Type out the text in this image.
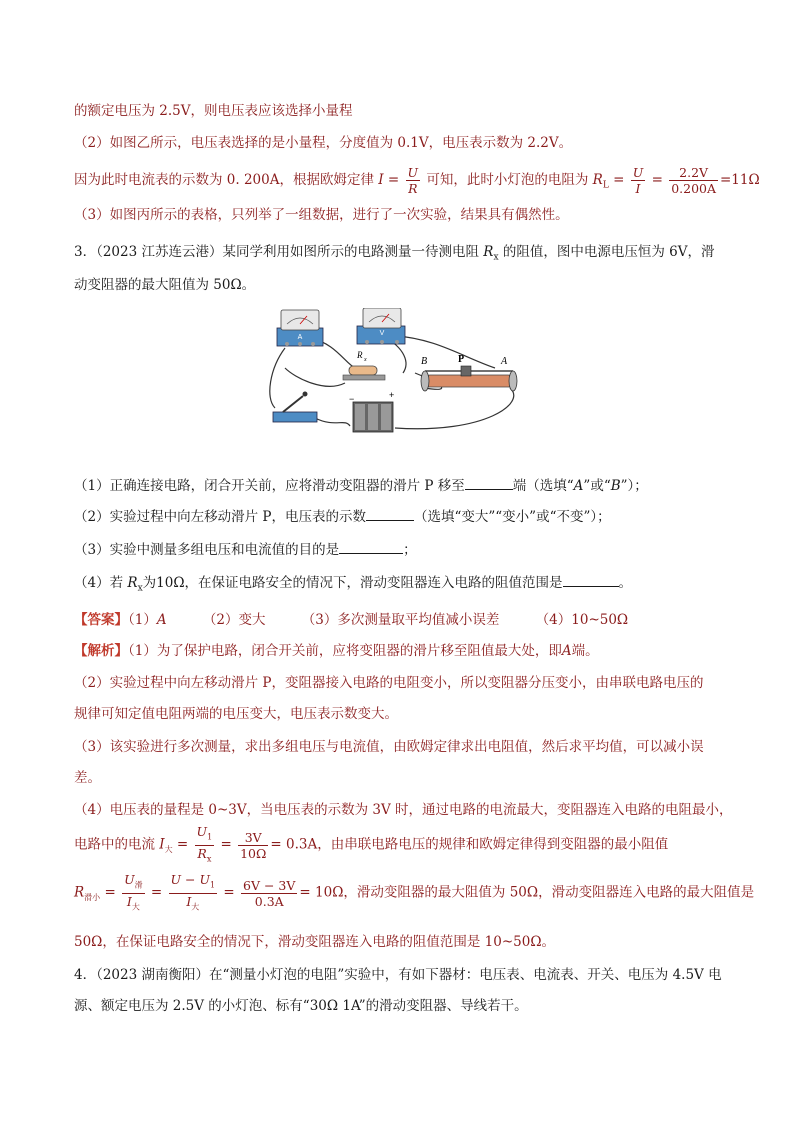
的额定电压为 2.5V，则电压表应该选择小量程
（2）如图乙所示，电压表选择的是小量程，分度值为 0.1V，电压表示数为 2.2V。
因为此时电流表的示数为 0. 200A，根据欧姆定律 $I = \frac{U}{R}$ 可知，此时小灯泡的电阻为 $R_L = \frac{U}{I} = \frac{2.2V}{0.200A} =11\Omega$
（3）如图丙所示的表格，只列举了一组数据，进行了一次实验，结果具有偶然性。
3．（2023 江苏连云港）某同学利用如图所示的电路测量一待测电阻 $R_x$ 的阻值，图中电源电压恒为 6V，滑
动变阻器的最大阻值为 50Ω。
A
V
R x	B	P	A
−	+
（1）正确连接电路，闭合开关前，应将滑动变阻器的滑片 P 移至	端（选填“A”或“B”）；
（2）实验过程中向左移动滑片 P，电压表的示数	（选填“变大”“变小”或“不变”）；
（3）实验中测量多组电压和电流值的目的是	；
（4）若 $R_x$为10Ω，在保证电路安全的情况下，滑动变阻器连入电路的阻值范围是	。
【答案】（1）A	（2）变大	（3）多次测量取平均值减小误差	（4）10~50Ω
【解析】（1）为了保护电路，闭合开关前，应将变阻器的滑片移至阻值最大处，即A端。
（2）实验过程中向左移动滑片 P，变阻器接入电路的电阻变小，所以变阻器分压变小，由串联电路电压的
规律可知定值电阻两端的电压变大，电压表示数变大。
（3）该实验进行多次测量，求出多组电压与电流值，由欧姆定律求出电阻值，然后求平均值，可以减小误
差。
（4）电压表的量程是 0~3V，当电压表的示数为 3V 时，通过电路的电流最大，变阻器连入电路的电阻最小，
电路中的电流 $I_大 = \frac{U_1}{R_x} = \frac{3V}{10\Omega} = 0.3A$，由串联电路电压的规律和欧姆定律得到变阻器的最小阻值
$R_{滑小} = \frac{U_滑}{I_大} = \frac{U - U_1}{I_大} = \frac{6V - 3V}{0.3A} = 10\Omega$，滑动变阻器的最大阻值为 50Ω，滑动变阻器连入电路的最大阻值是
50Ω，在保证电路安全的情况下，滑动变阻器连入电路的阻值范围是 10~50Ω。
4．（2023 湖南衡阳）在“测量小灯泡的电阻”实验中，有如下器材：电压表、电流表、开关、电压为 4.5V 电
源、额定电压为 2.5V 的小灯泡、标有“30Ω 1A”的滑动变阻器、导线若干。
